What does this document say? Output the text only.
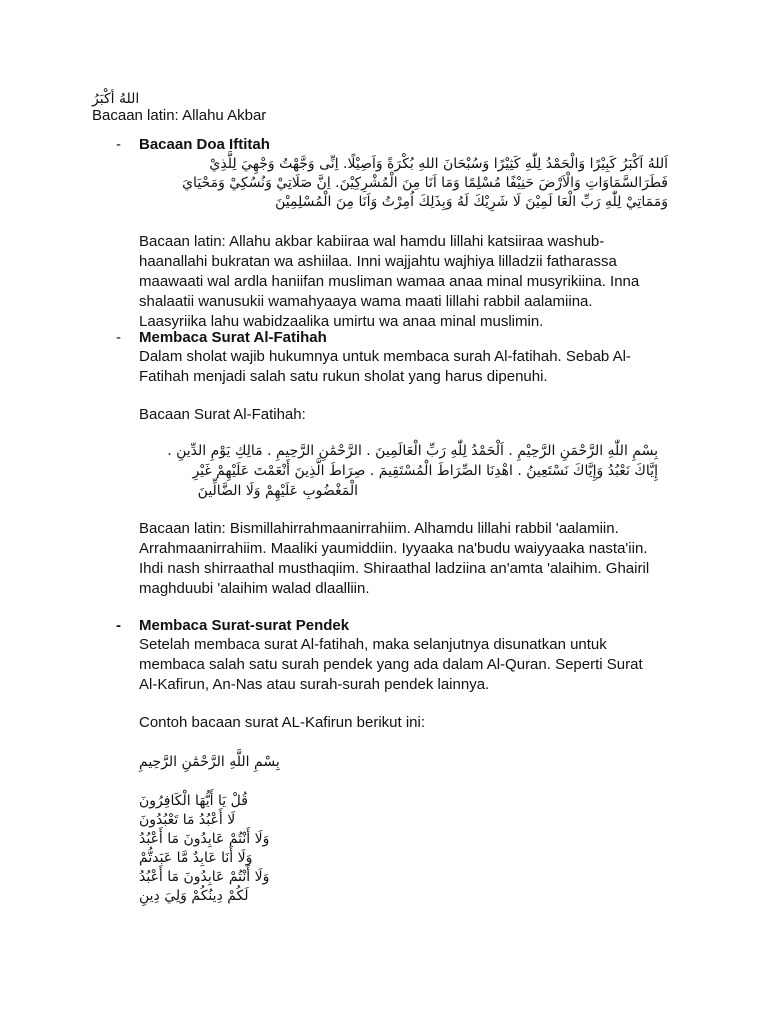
اللهُ أكْبَرُ
Bacaan latin: Allahu Akbar
- Bacaan Doa Iftitah
اَللهُ اَكْبَرُ كَبِيْرًا وَالْحَمْدُ لِلّٰهِ كَثِيْرًا وَسُبْحَانَ اللهِ بُكْرَةً وَاَصِيْلًا. اِنِّى وَجَّهْتُ وَجْهِيَ لِلَّذِيْ
فَطَرَالسَّمَاوَاتِ وَالْاَرْضَ حَنِيْفًا مُسْلِمًا وَمَا اَنَا مِنَ الْمُشْرِكِيْنَ. اِنَّ صَلَاتِيْ وَنُسُكِيْ وَمَحْيَايَ
وَمَمَاتِيْ لِلّٰهِ رَبِّ الْعَا لَمِيْنَ لَا شَرِيْكَ لَهُ وَبِذَلِكَ اُمِرْتُ وَاَنَا مِنَ الْمُسْلِمِيْنَ
Bacaan latin: Allahu akbar kabiiraa wal hamdu lillahi katsiiraa washub-
haanallahi bukratan wa ashiilaa. Inni wajjahtu wajhiya lilladzii fatharassa
maawaati wal ardla haniifan musliman wamaa anaa minal musyrikiina. Inna
shalaatii wanusukii wamahyaaya wama maati lillahi rabbil aalamiina.
Laasyriika lahu wabidzaalika umirtu wa anaa minal muslimin.
- Membaca Surat Al-Fatihah
Dalam sholat wajib hukumnya untuk membaca surah Al-fatihah. Sebab Al-
Fatihah menjadi salah satu rukun sholat yang harus dipenuhi.
Bacaan Surat Al-Fatihah:
بِسْمِ اللّٰهِ الرَّحْمَنِ الرَّحِيْمِ . اَلْحَمْدُ لِلّٰهِ رَبِّ الْعَالَمِينَ . الرَّحْمَٰنِ الرَّحِيمِ . مَالِكِ يَوْمِ الدِّينِ .
إِيَّاكَ نَعْبُدُ وَإِيَّاكَ نَسْتَعِينُ . اهْدِنَا الصِّرَاطَ الْمُسْتَقِيمَ . صِرَاطَ الَّذِينَ أَنْعَمْتَ عَلَيْهِمْ غَيْرِ
الْمَغْضُوبِ عَلَيْهِمْ وَلَا الضَّالِّينَ
Bacaan latin: Bismillahirrahmaanirrahiim. Alhamdu lillahi rabbil 'aalamiin.
Arrahmaanirrahiim. Maaliki yaumiddiin. Iyyaaka na'budu waiyyaaka nasta'iin.
Ihdi nash shirraathal musthaqiim. Shiraathal ladziina an'amta 'alaihim. Ghairil
maghduubi 'alaihim walad dlaalliin.
- Membaca Surat-surat Pendek
Setelah membaca surat Al-fatihah, maka selanjutnya disunatkan untuk
membaca salah satu surah pendek yang ada dalam Al-Quran. Seperti Surat
Al-Kafirun, An-Nas atau surah-surah pendek lainnya.
Contoh bacaan surat AL-Kafirun berikut ini:
بِسْمِ اللَّهِ الرَّحْمَٰنِ الرَّحِيمِ
قُلْ يَا أَيُّهَا الْكَافِرُونَ
لَا أَعْبُدُ مَا تَعْبُدُونَ
وَلَا أَنْتُمْ عَابِدُونَ مَا أَعْبُدُ
وَلَا أَنَا عَابِدٌ مَّا عَبَدتُّمْ
وَلَا أَنْتُمْ عَابِدُونَ مَا أَعْبُدُ
لَكُمْ دِينُكُمْ وَلِيَ دِينِ
